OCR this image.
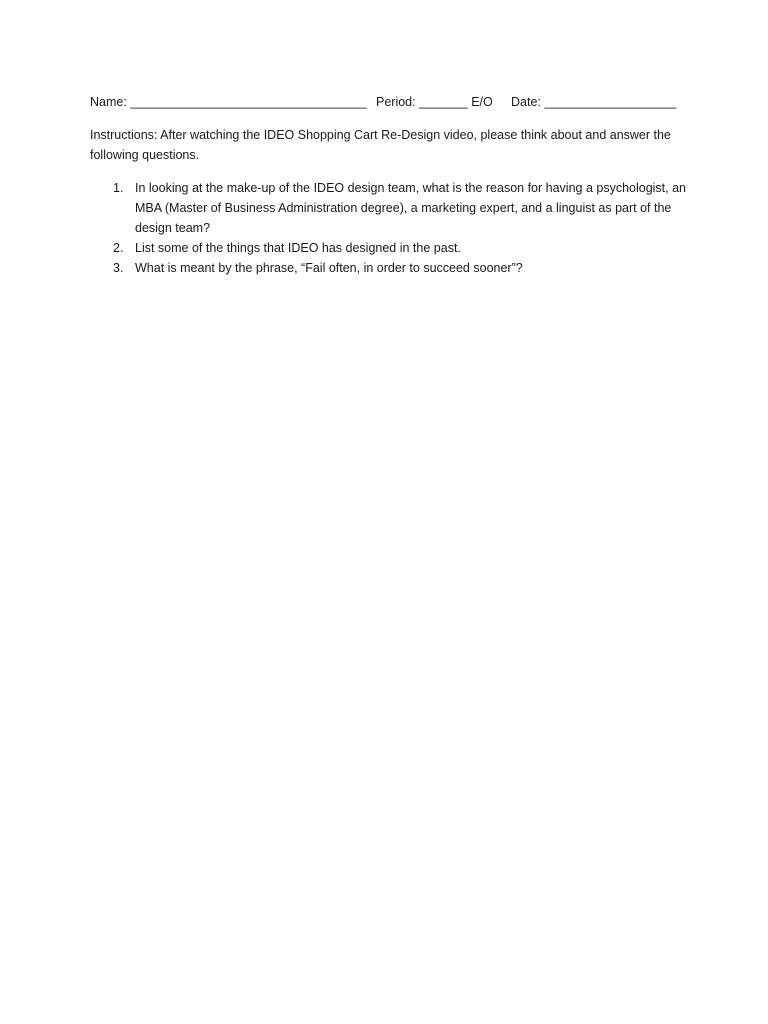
Name: __________________________________ Period: _______ E/O Date: ___________________

Instructions: After watching the IDEO Shopping Cart Re-Design video, please think about and answer the following questions.

1. In looking at the make-up of the IDEO design team, what is the reason for having a psychologist, an MBA (Master of Business Administration degree), a marketing expert, and a linguist as part of the design team?
2. List some of the things that IDEO has designed in the past.
3. What is meant by the phrase, “Fail often, in order to succeed sooner”?
